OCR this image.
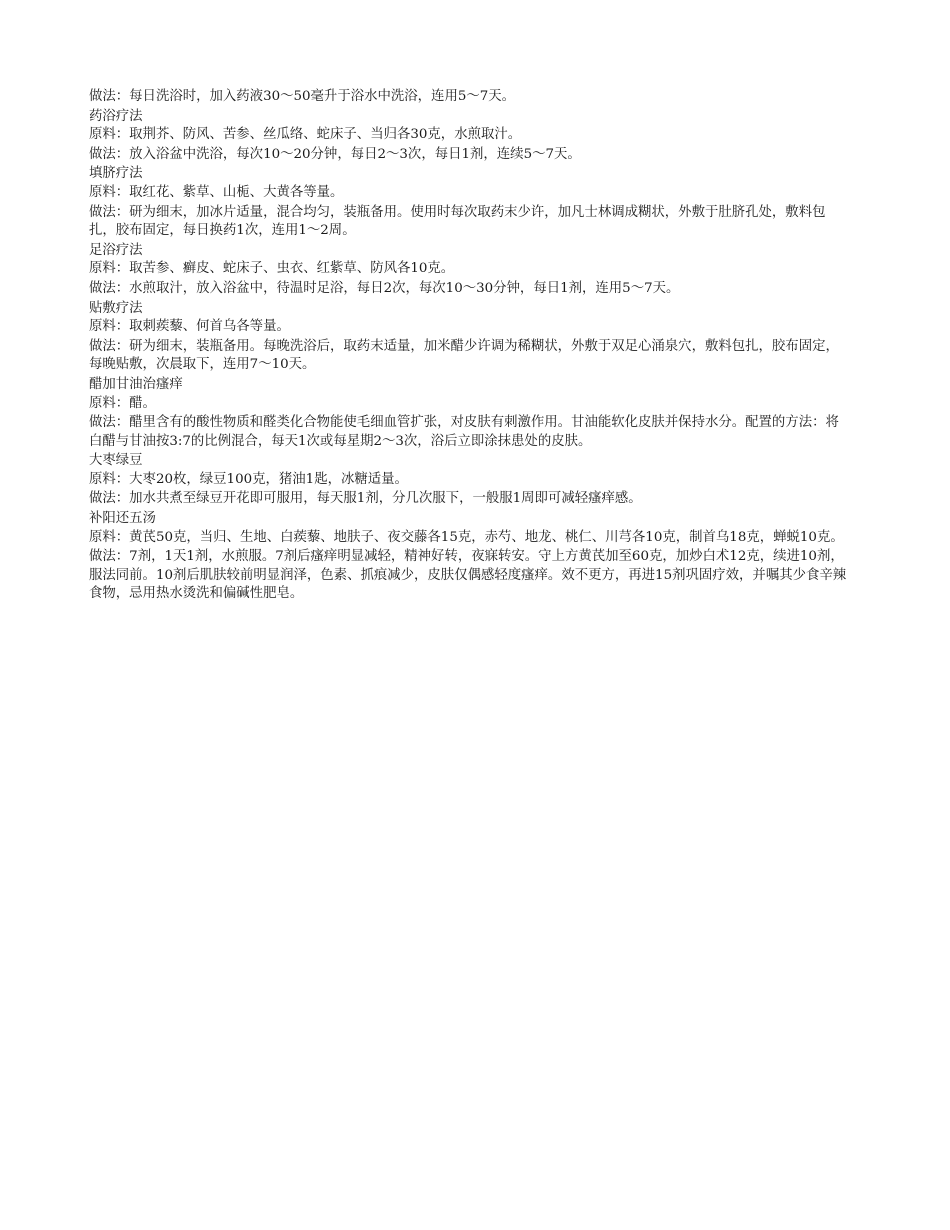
做法：每日洗浴时，加入药液30～50毫升于浴水中洗浴，连用5～7天。

药浴疗法

原料：取荆芥、防风、苦参、丝瓜络、蛇床子、当归各30克，水煎取汁。

做法：放入浴盆中洗浴，每次10～20分钟，每日2～3次，每日1剂，连续5～7天。

填脐疗法

原料：取红花、紫草、山栀、大黄各等量。

做法：研为细末，加冰片适量，混合均匀，装瓶备用。使用时每次取药末少许，加凡士林调成糊状，外敷于肚脐孔处，敷料包扎，胶布固定，每日换药1次，连用1～2周。

足浴疗法

原料：取苦参、癣皮、蛇床子、虫衣、红紫草、防风各10克。

做法：水煎取汁，放入浴盆中，待温时足浴，每日2次，每次10～30分钟，每日1剂，连用5～7天。

贴敷疗法

原料：取刺蒺藜、何首乌各等量。

做法：研为细末，装瓶备用。每晚洗浴后，取药末适量，加米醋少许调为稀糊状，外敷于双足心涌泉穴，敷料包扎，胶布固定，每晚贴敷，次晨取下，连用7～10天。

醋加甘油治瘙痒

原料：醋。

做法：醋里含有的酸性物质和醛类化合物能使毛细血管扩张，对皮肤有刺激作用。甘油能软化皮肤并保持水分。配置的方法：将白醋与甘油按3:7的比例混合，每天1次或每星期2～3次，浴后立即涂抹患处的皮肤。

大枣绿豆

原料：大枣20枚，绿豆100克，猪油1匙，冰糖适量。

做法：加水共煮至绿豆开花即可服用，每天服1剂，分几次服下，一般服1周即可减轻瘙痒感。

补阳还五汤

原料：黄芪50克，当归、生地、白蒺藜、地肤子、夜交藤各15克，赤芍、地龙、桃仁、川芎各10克，制首乌18克，蝉蜕10克。

做法：7剂，1天1剂，水煎服。7剂后瘙痒明显减轻，精神好转，夜寐转安。守上方黄芪加至60克，加炒白术12克，续进10剂，服法同前。10剂后肌肤较前明显润泽，色素、抓痕减少，皮肤仅偶感轻度瘙痒。效不更方，再进15剂巩固疗效，并嘱其少食辛辣食物，忌用热水烫洗和偏碱性肥皂。
